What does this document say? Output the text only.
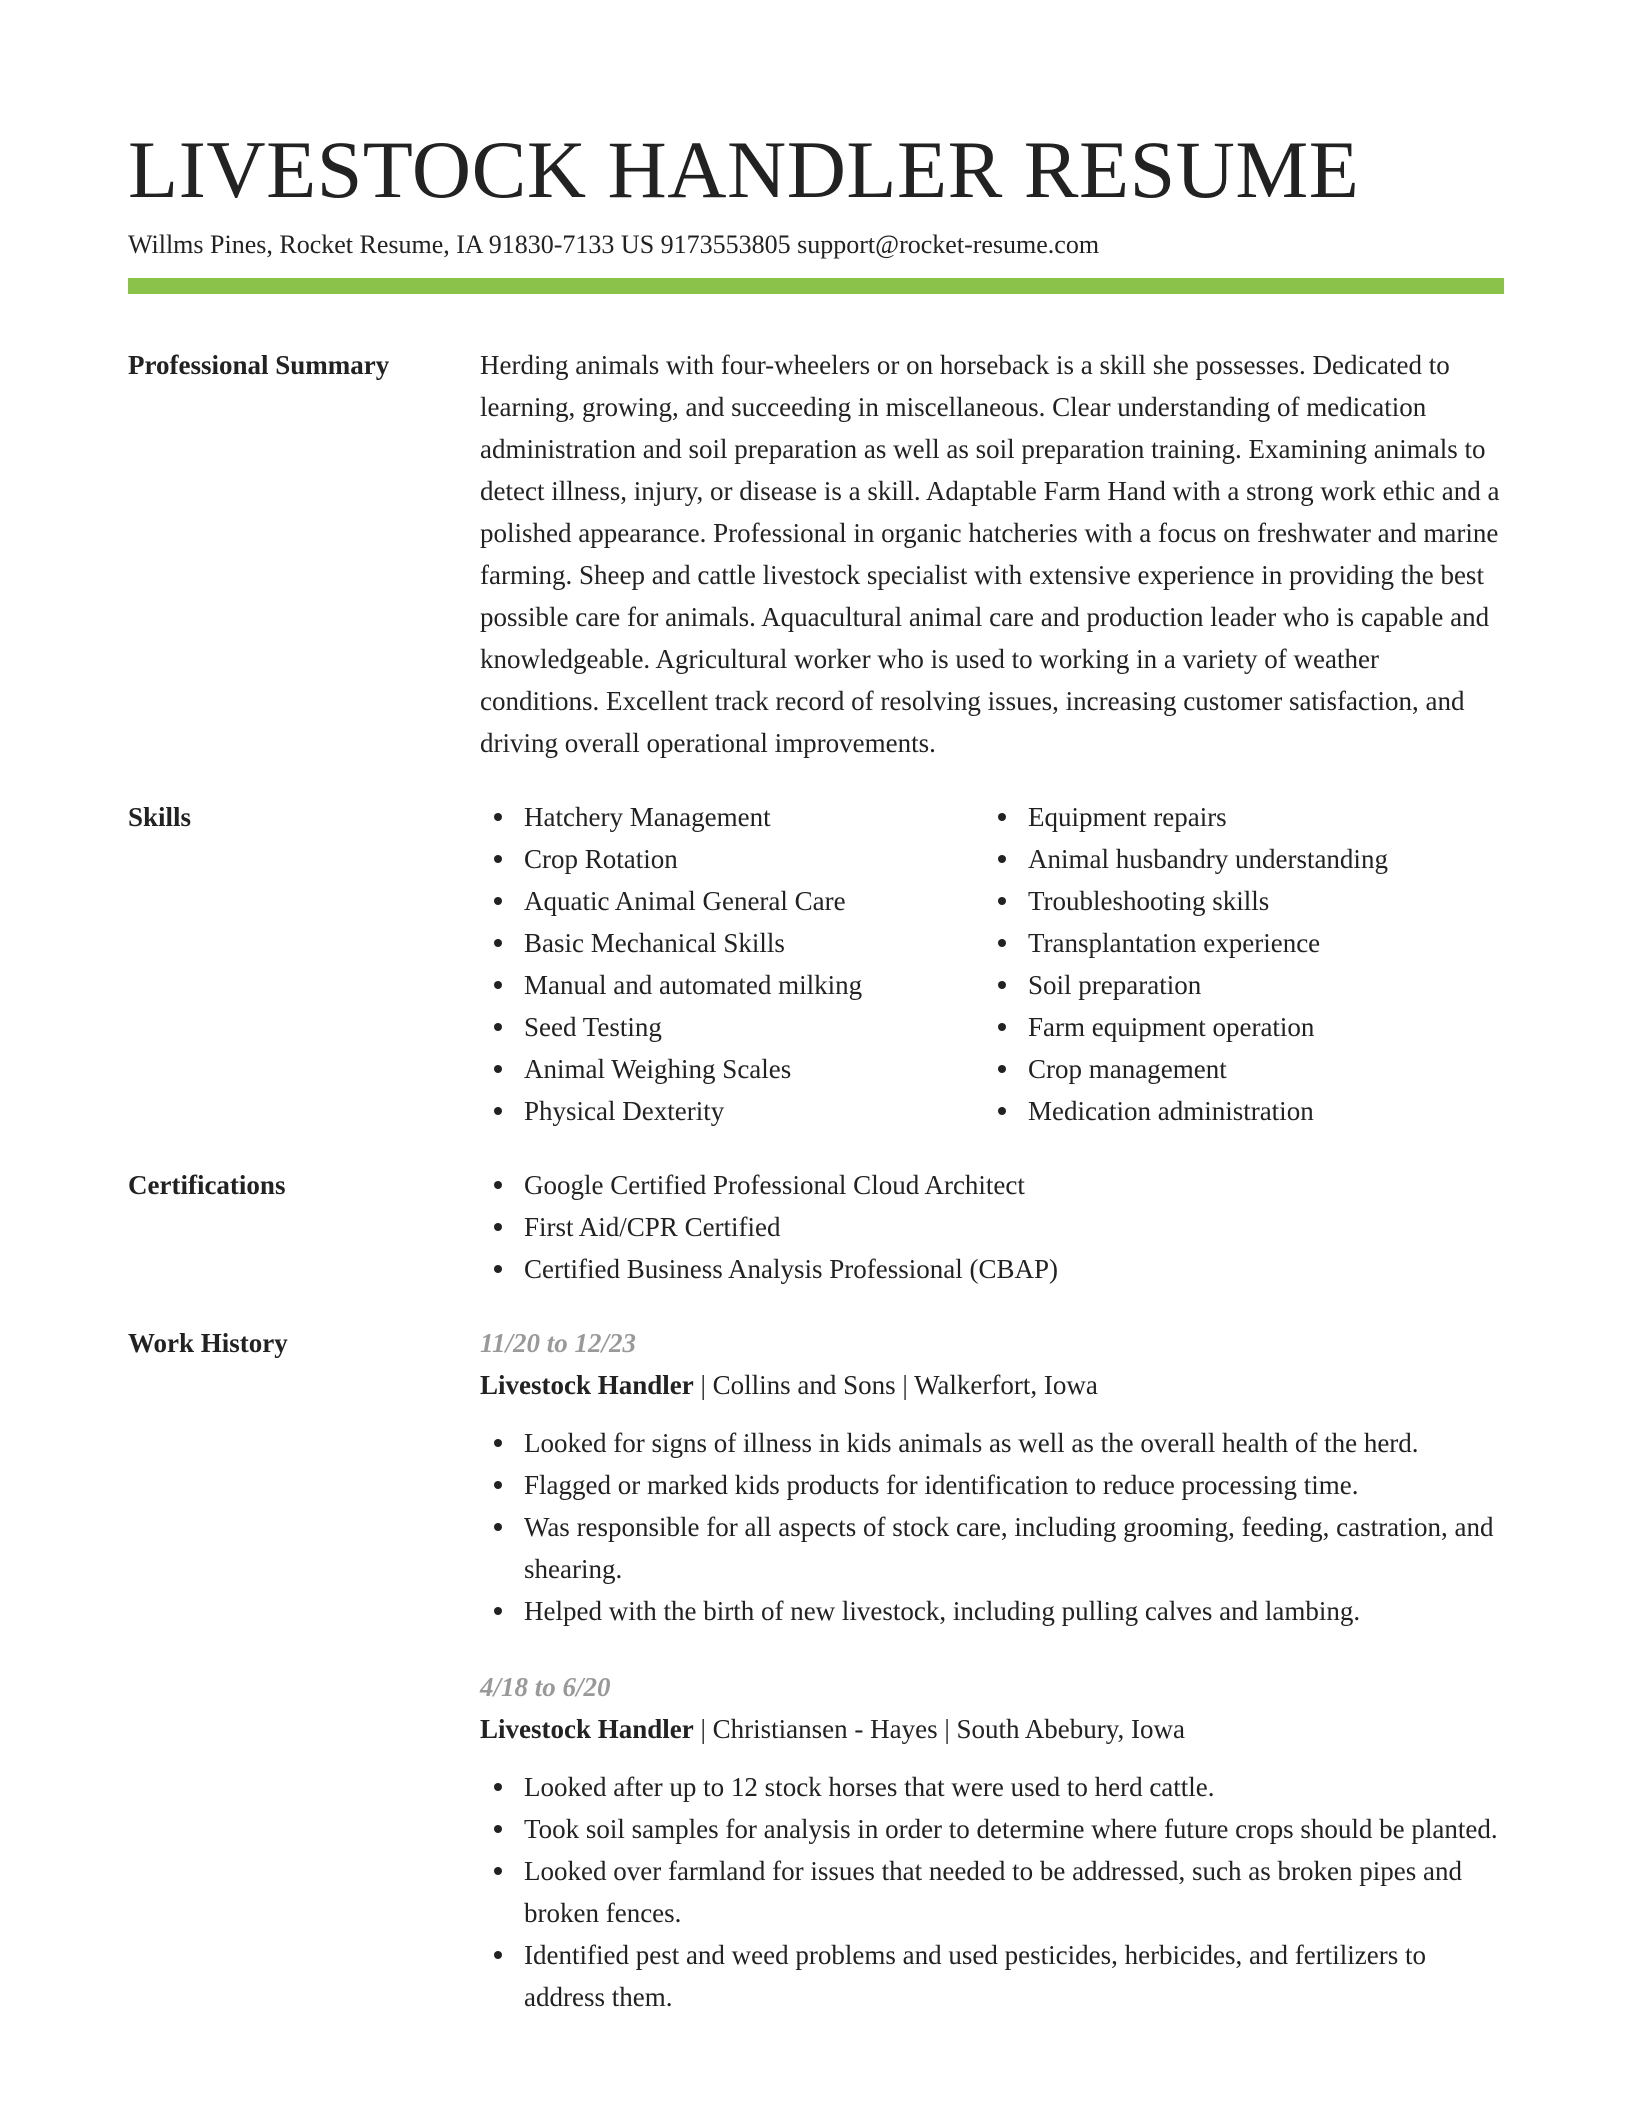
LIVESTOCK HANDLER RESUME
Willms Pines, Rocket Resume, IA 91830-7133 US 9173553805 support@rocket-resume.com
Professional Summary	Herding animals with four-wheelers or on horseback is a skill she possesses. Dedicated to learning, growing, and succeeding in miscellaneous. Clear understanding of medication administration and soil preparation as well as soil preparation training. Examining animals to detect illness, injury, or disease is a skill. Adaptable Farm Hand with a strong work ethic and a polished appearance. Professional in organic hatcheries with a focus on freshwater and marine farming. Sheep and cattle livestock specialist with extensive experience in providing the best possible care for animals. Aquacultural animal care and production leader who is capable and knowledgeable. Agricultural worker who is used to working in a variety of weather conditions. Excellent track record of resolving issues, increasing customer satisfaction, and driving overall operational improvements.

Skills	Hatchery Management
Crop Rotation
Aquatic Animal General Care
Basic Mechanical Skills
Manual and automated milking
Seed Testing
Animal Weighing Scales
Physical Dexterity
Equipment repairs
Animal husbandry understanding
Troubleshooting skills
Transplantation experience
Soil preparation
Farm equipment operation
Crop management
Medication administration
Certifications	Google Certified Professional Cloud Architect
First Aid/CPR Certified
Certified Business Analysis Professional (CBAP)
Work History	11/20 to 12/23
Livestock Handler | Collins and Sons | Walkerfort, Iowa
Looked for signs of illness in kids animals as well as the overall health of the herd.
Flagged or marked kids products for identification to reduce processing time.
Was responsible for all aspects of stock care, including grooming, feeding, castration, and shearing.
Helped with the birth of new livestock, including pulling calves and lambing.
4/18 to 6/20
Livestock Handler | Christiansen - Hayes | South Abebury, Iowa
Looked after up to 12 stock horses that were used to herd cattle.
Took soil samples for analysis in order to determine where future crops should be planted.
Looked over farmland for issues that needed to be addressed, such as broken pipes and broken fences.
Identified pest and weed problems and used pesticides, herbicides, and fertilizers to address them.
